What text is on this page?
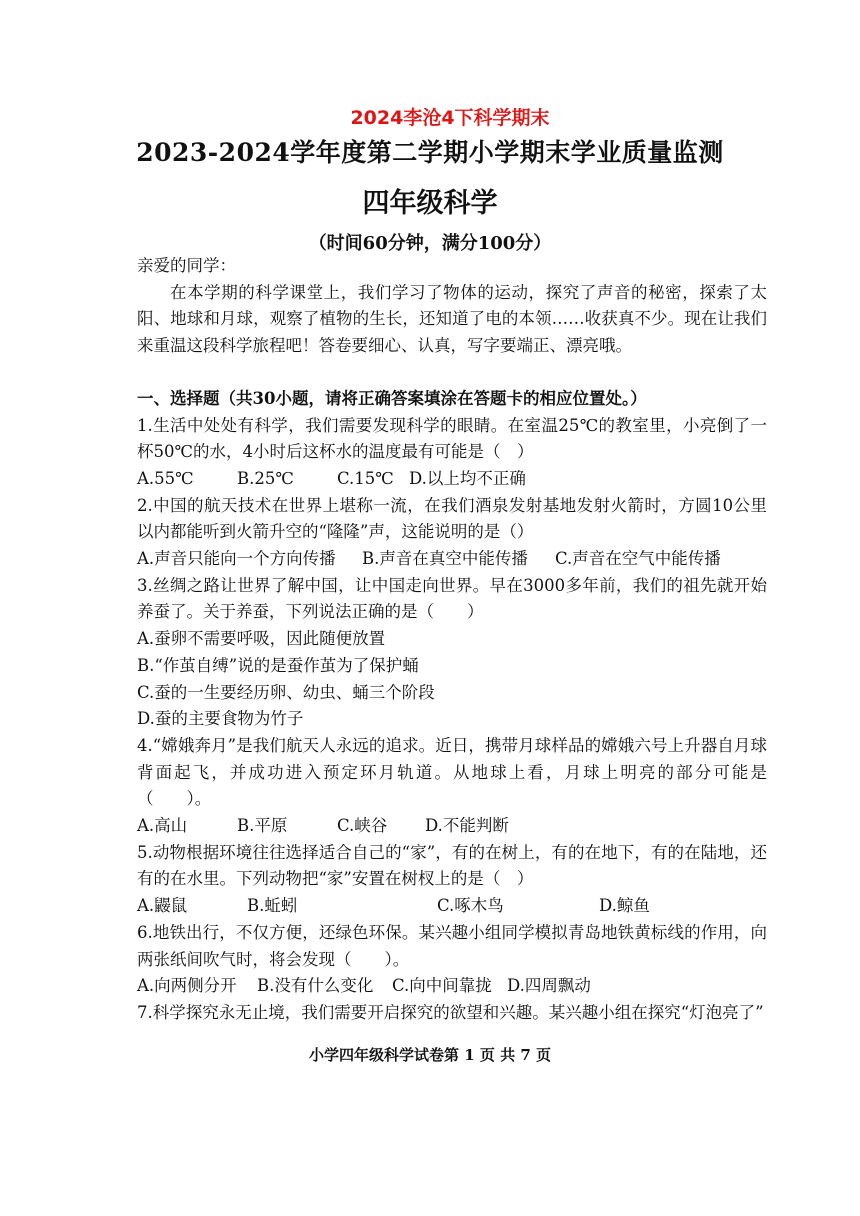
2024李沧4下科学期末
2023-2024学年度第二学期小学期末学业质量监测
四年级科学
（时间60分钟，满分100分）

亲爱的同学：

在本学期的科学课堂上，我们学习了物体的运动，探究了声音的秘密，探索了太阳、地球和月球，观察了植物的生长，还知道了电的本领……收获真不少。现在让我们来重温这段科学旅程吧！答卷要细心、认真，写字要端正、漂亮哦。

一、选择题（共30小题，请将正确答案填涂在答题卡的相应位置处。）

1.生活中处处有科学，我们需要发现科学的眼睛。在室温25℃的教室里，小亮倒了一杯50℃的水，4小时后这杯水的温度最有可能是（　）

A.55℃	B.25℃	C.15℃ D.以上均不正确

2.中国的航天技术在世界上堪称一流，在我们酒泉发射基地发射火箭时，方圆10公里以内都能听到火箭升空的“隆隆”声，这能说明的是（）

A.声音只能向一个方向传播	B.声音在真空中能传播	C.声音在空气中能传播

3.丝绸之路让世界了解中国，让中国走向世界。早在3000多年前，我们的祖先就开始养蚕了。关于养蚕，下列说法正确的是（　　）

A.蚕卵不需要呼吸，因此随便放置

B.“作茧自缚”说的是蚕作茧为了保护蛹

C.蚕的一生要经历卵、幼虫、蛹三个阶段

D.蚕的主要食物为竹子

4.“嫦娥奔月”是我们航天人永远的追求。近日，携带月球样品的嫦娥六号上升器自月球背面起飞，并成功进入预定环月轨道。从地球上看，月球上明亮的部分可能是（　　）。

A.高山	B.平原	C.峡谷	D.不能判断

5.动物根据环境往往选择适合自己的“家”，有的在树上，有的在地下，有的在陆地，还有的在水里。下列动物把“家”安置在树杈上的是（　）

A.鼹鼠	B.蚯蚓	C.啄木鸟	D.鲸鱼

6.地铁出行，不仅方便，还绿色环保。某兴趣小组同学模拟青岛地铁黄标线的作用，向两张纸间吹气时，将会发现（　　）。

A.向两侧分开	B.没有什么变化	C.向中间靠拢 D.四周飘动

7.科学探究永无止境，我们需要开启探究的欲望和兴趣。某兴趣小组在探究“灯泡亮了”

小学四年级科学试卷第 1 页 共 7 页
